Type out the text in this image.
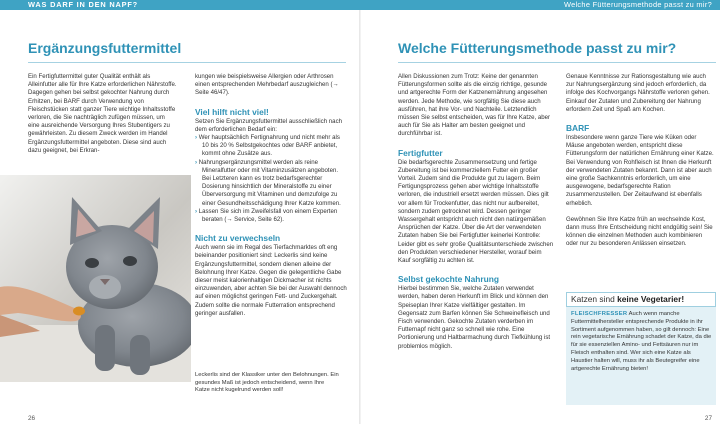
WAS DARF IN DEN NAPF?	Welche Fütterungsmethode passt zu mir?
Ergänzungsfuttermittel

Ein Fertigfuttermittel guter Qualität enthält als Alleinfutter alle für Ihre Katze erforderlichen Nährstoffe. Dagegen gehen bei selbst gekochter Nahrung durch Erhitzen, bei BARF durch Verwendung von Fleischstücken statt ganzer Tiere wichtige Inhaltsstoffe verloren, die Sie nachträglich zufügen müssen, um eine ausreichende Versorgung Ihres Stubentigers zu gewährleisten. Zu diesem Zweck werden im Handel Ergänzungsfuttermittel angeboten. Diese sind auch dazu geeignet, bei Erkran-

Leckerlis sind der Klassiker unter den Belohnungen. Ein gesundes Maß ist jedoch entscheidend, wenn Ihre Katze nicht kugelrund werden soll!

kungen wie beispielsweise Allergien oder Arthrosen einen entsprechenden Mehrbedarf auszugleichen (→ Seite 46/47).

Viel hilft nicht viel!

Setzen Sie Ergänzungsfuttermittel ausschließlich nach dem erforderlichen Bedarf ein:

› Wer hauptsächlich Fertignahrung und nicht mehr als 10 bis 20 % Selbstgekochtes oder BARF anbietet, kommt ohne Zusätze aus.

› Nahrungsergänzungsmittel werden als reine Mineralfutter oder mit Vitaminzusätzen angeboten. Bei Letzteren kann es trotz bedarfsgerechter Dosierung hinsichtlich der Mineralstoffe zu einer Überversorgung mit Vitaminen und demzufolge zu einer Gesundheitsschädigung Ihrer Katze kommen.

› Lassen Sie sich im Zweifelsfall von einem Experten beraten (→ Service, Seite 62).

Nicht zu verwechseln

Auch wenn sie im Regal des Tierfachmarktes oft eng beieinander positioniert sind: Leckerlis sind keine Ergänzungsfuttermittel, sondern dienen alleine der Belohnung Ihrer Katze. Gegen die gelegentliche Gabe dieser meist kalorienhaltigen Dickmacher ist nichts einzuwenden, aber achten Sie bei der Auswahl dennoch auf einen möglichst geringen Fett- und Zuckergehalt. Zudem sollte die normale Futterration entsprechend geringer ausfallen.

26
Welche Fütterungsmethode passt zu mir?

Allen Diskussionen zum Trotz: Keine der genannten Fütterungsformen sollte als die einzig richtige, gesunde und artgerechte Form der Katzenernährung angesehen werden. Jede Methode, wie sorgfältig Sie diese auch ausführen, hat ihre Vor- und Nachteile. Letztendlich müssen Sie selbst entscheiden, was für Ihre Katze, aber auch für Sie als Halter am besten geeignet und durchführbar ist.

Fertigfutter

Die bedarfsgerechte Zusammensetzung und fertige Zubereitung ist bei kommerziellem Futter ein großer Vorteil. Zudem sind die Produkte gut zu lagern. Beim Fertigungsprozess gehen aber wichtige Inhaltsstoffe verloren, die industriell ersetzt werden müssen. Dies gilt vor allem für Trockenfutter, das nicht nur aufbereitet, sondern zudem getrocknet wird. Dessen geringer Wassergehalt entspricht auch nicht den natürgemäßen Ansprüchen der Katze. Über die Art der verwendeten Zutaten haben Sie bei Fertigfutter keinerlei Kontrolle: Leider gibt es sehr große Qualitätsunterschiede zwischen den Produkten verschiedener Hersteller, worauf beim Kauf sorgfältig zu achten ist.

Selbst gekochte Nahrung

Hierbei bestimmen Sie, welche Zutaten verwendet werden, haben deren Herkunft im Blick und können den Speiseplan Ihrer Katze vielfältiger gestalten. Im Gegensatz zum Barfen können Sie Schweinefleisch und Fisch verwenden. Gekochte Zutaten verderben im Futternapf nicht ganz so schnell wie rohe. Eine Portionierung und Haltbarmachung durch Tiefkühlung ist problemlos möglich.

Genaue Kenntnisse zur Rationsgestaltung wie auch zur Nahrungsergänzung sind jedoch erforderlich, da infolge des Kochvorgangs Nährstoffe verloren gehen. Einkauf der Zutaten und Zubereitung der Nahrung erfordern Zeit und Spaß am Kochen.

BARF

Insbesondere wenn ganze Tiere wie Küken oder Mäuse angeboten werden, entspricht diese Fütterungsform der natürlichen Ernährung einer Katze. Bei Verwendung von Rohfleisch ist Ihnen die Herkunft der verwendeten Zutaten bekannt. Dann ist aber auch eine große Sachkenntnis erforderlich, um eine ausgewogene, bedarfsgerechte Ration zusammenzustellen. Der Zeitaufwand ist ebenfalls erheblich.

Gewöhnen Sie Ihre Katze früh an wechselnde Kost, dann muss Ihre Entscheidung nicht endgültig sein! Sie können die einzelnen Methoden auch kombinieren oder nur zu besonderen Anlässen einsetzen.

Katzen sind keine Vegetarier!
FLEISCHFRESSER Auch wenn manche Futtermittelhersteller entsprechende Produkte in ihr Sortiment aufgenommen haben, so gilt dennoch: Eine rein vegetarische Ernährung schadet der Katze, da die für sie essenziellen Amino- und Fettsäuren nur im Fleisch enthalten sind. Wer sich eine Katze als Haustier halten will, muss ihr als Beutegreifer eine artgerechte Ernährung bieten!
27
